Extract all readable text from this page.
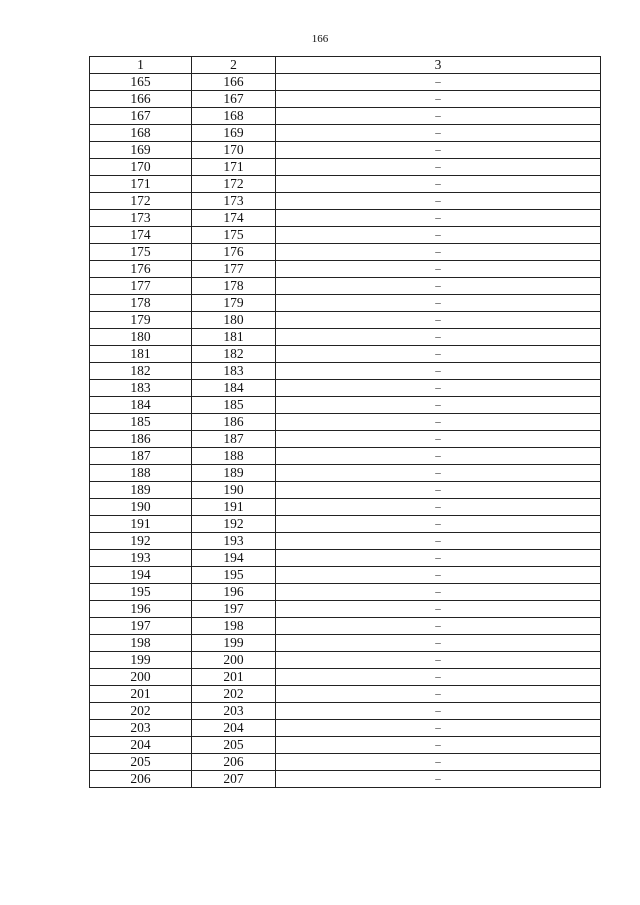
166
1	2	3
165	166	–
166	167	–
167	168	–
168	169	–
169	170	–
170	171	–
171	172	–
172	173	–
173	174	–
174	175	–
175	176	–
176	177	–
177	178	–
178	179	–
179	180	–
180	181	–
181	182	–
182	183	–
183	184	–
184	185	–
185	186	–
186	187	–
187	188	–
188	189	–
189	190	–
190	191	–
191	192	–
192	193	–
193	194	–
194	195	–
195	196	–
196	197	–
197	198	–
198	199	–
199	200	–
200	201	–
201	202	–
202	203	–
203	204	–
204	205	–
205	206	–
206	207	–
